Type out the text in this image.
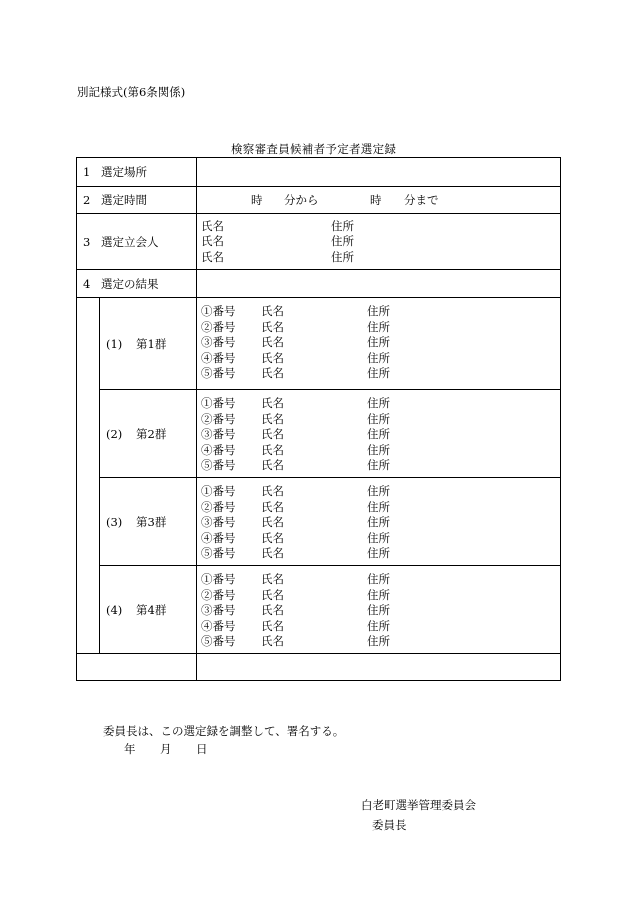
別記様式(第6条関係)
検察審査員候補者予定者選定録
1 選定場所
2 選定時間	時 分から	時 分まで
3 選定立会人
氏名	住所
氏名	住所
氏名	住所
4 選定の結果
(1) 第1群
①番号 氏名	住所
②番号 氏名	住所
③番号 氏名	住所
④番号 氏名	住所
⑤番号 氏名	住所
(2) 第2群
①番号 氏名	住所
②番号 氏名	住所
③番号 氏名	住所
④番号 氏名	住所
⑤番号 氏名	住所
(3) 第3群
①番号 氏名	住所
②番号 氏名	住所
③番号 氏名	住所
④番号 氏名	住所
⑤番号 氏名	住所
(4) 第4群
①番号 氏名	住所
②番号 氏名	住所
③番号 氏名	住所
④番号 氏名	住所
⑤番号 氏名	住所
委員長は、この選定録を調整して、署名する。
年 月 日
白老町選挙管理委員会
委員長
